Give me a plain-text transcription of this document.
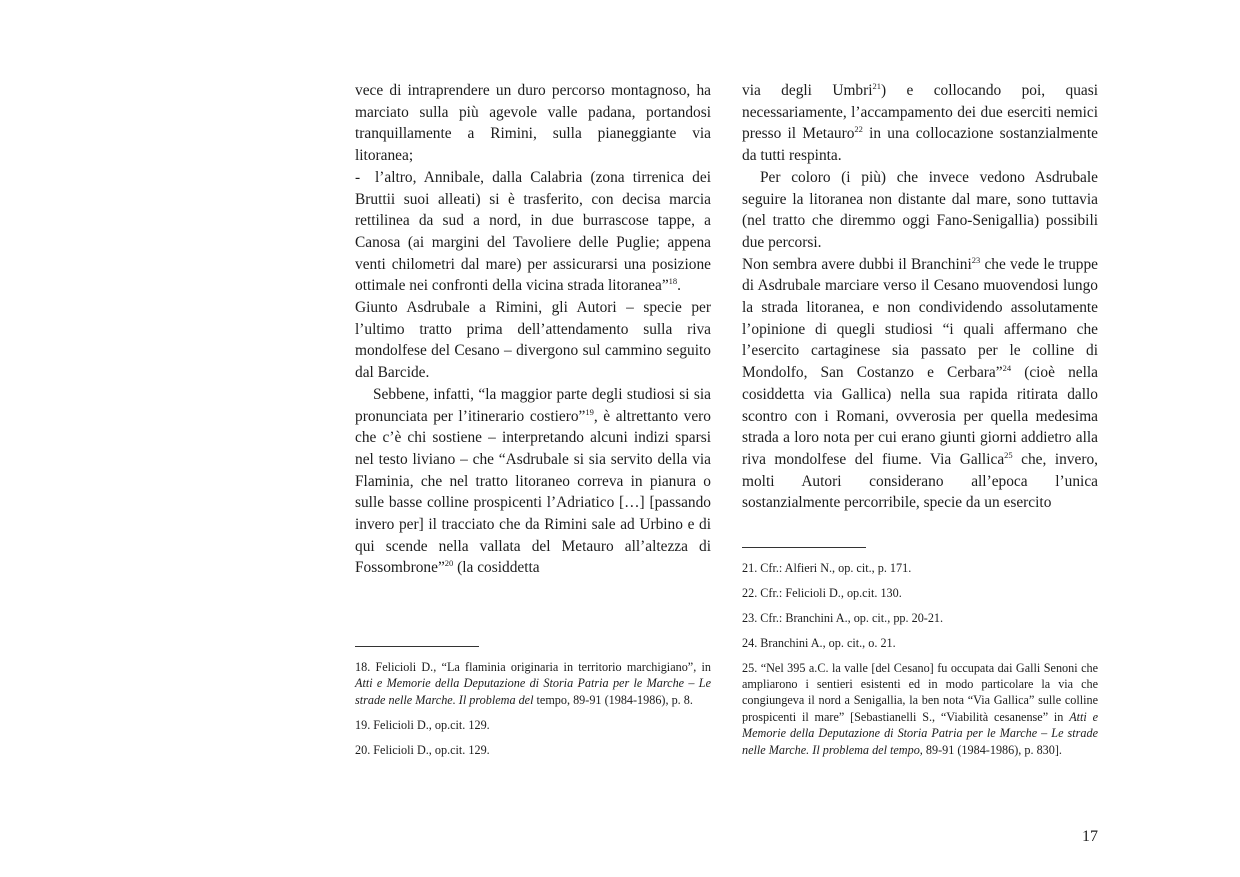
vece di intraprendere un duro percorso montagnoso, ha marciato sulla più agevole valle padana, portandosi tranquillamente a Rimini, sulla pianeggiante via litoranea;

- l’altro, Annibale, dalla Calabria (zona tirrenica dei Bruttii suoi alleati) si è trasferito, con decisa marcia rettilinea da sud a nord, in due burrascose tappe, a Canosa (ai margini del Tavoliere delle Puglie; appena venti chilometri dal mare) per assicurarsi una posizione ottimale nei confronti della vicina strada litoranea”$^{18}$.

Giunto Asdrubale a Rimini, gli Autori – specie per l’ultimo tratto prima dell’attendamento sulla riva mondolfese del Cesano – divergono sul cammino seguito dal Barcide.

Sebbene, infatti, “la maggior parte degli studiosi si sia pronunciata per l’itinerario costiero”$^{19}$, è altrettanto vero che c’è chi sostiene – interpretando alcuni indizi sparsi nel testo liviano – che “Asdrubale si sia servito della via Flaminia, che nel tratto litoraneo correva in pianura o sulle basse colline prospicenti l’Adriatico […] [passando invero per] il tracciato che da Rimini sale ad Urbino e di qui scende nella vallata del Metauro all’altezza di Fossombrone”$^{20}$ (la cosiddetta

18. Felicioli D., “La flaminia originaria in territorio marchigiano”, in Atti e Memorie della Deputazione di Storia Patria per le Marche – Le strade nelle Marche. Il problema del tempo, 89-91 (1984-1986), p. 8.

19. Felicioli D., op.cit. 129.

20. Felicioli D., op.cit. 129.

via degli Umbri$^{21}$) e collocando poi, quasi necessariamente, l’accampamento dei due eserciti nemici presso il Metauro$^{22}$ in una collocazione sostanzialmente da tutti respinta.

Per coloro (i più) che invece vedono Asdrubale seguire la litoranea non distante dal mare, sono tuttavia (nel tratto che diremmo oggi Fano-Senigallia) possibili due percorsi.

Non sembra avere dubbi il Branchini$^{23}$ che vede le truppe di Asdrubale marciare verso il Cesano muovendosi lungo la strada litoranea, e non condividendo assolutamente l’opinione di quegli studiosi “i quali affermano che l’esercito cartaginese sia passato per le colline di Mondolfo, San Costanzo e Cerbara”$^{24}$ (cioè nella cosiddetta via Gallica) nella sua rapida ritirata dallo scontro con i Romani, ovverosia per quella medesima strada a loro nota per cui erano giunti giorni addietro alla riva mondolfese del fiume. Via Gallica$^{25}$ che, invero, molti Autori considerano all’epoca l’unica sostanzialmente percorribile, specie da un esercito

21. Cfr.: Alfieri N., op. cit., p. 171.

22. Cfr.: Felicioli D., op.cit. 130.

23. Cfr.: Branchini A., op. cit., pp. 20-21.

24. Branchini A., op. cit., o. 21.

25. “Nel 395 a.C. la valle [del Cesano] fu occupata dai Galli Senoni che ampliarono i sentieri esistenti ed in modo particolare la via che congiungeva il nord a Senigallia, la ben nota “Via Gallica” sulle colline prospicenti il mare” [Sebastianelli S., “Viabilità cesanense” in Atti e Memorie della Deputazione di Storia Patria per le Marche – Le strade nelle Marche. Il problema del tempo, 89-91 (1984-1986), p. 830].

17
